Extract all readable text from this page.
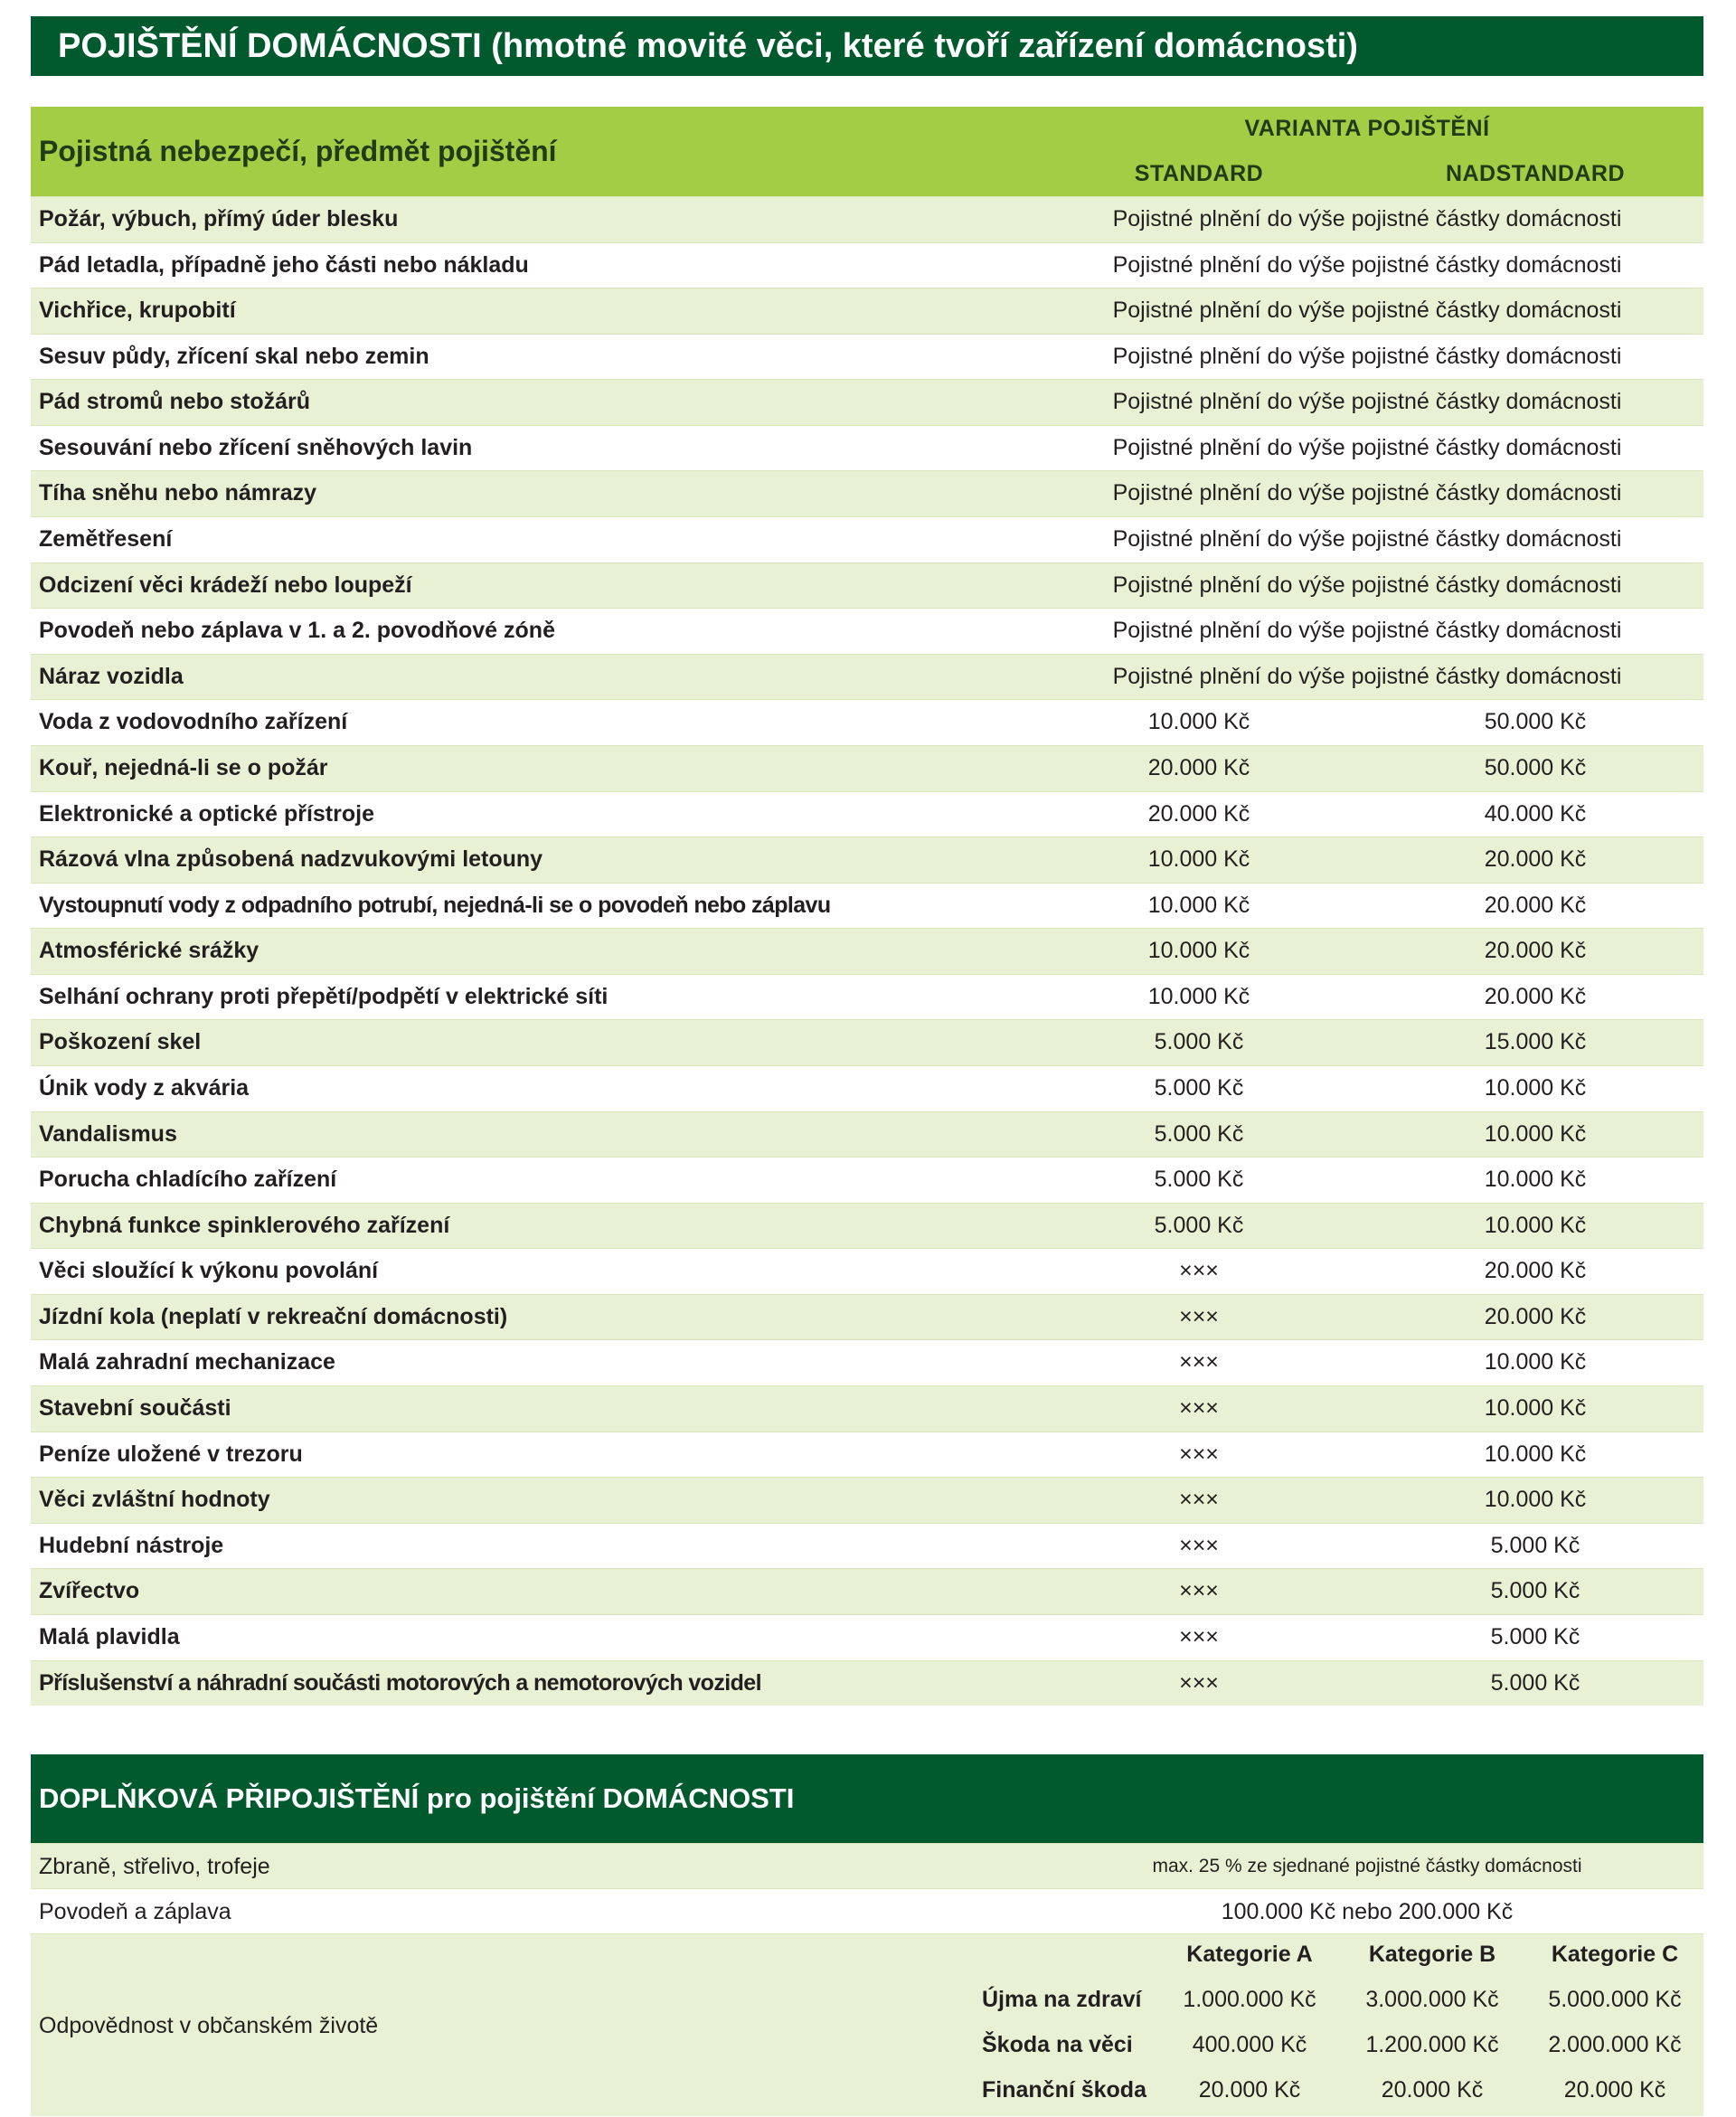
POJIŠTĚNÍ DOMÁCNOSTI (hmotné movité věci, které tvoří zařízení domácnosti)
Pojistná nebezpečí, předmět pojištění
VARIANTA POJIŠTĚNÍ
STANDARD	NADSTANDARD
Požár, výbuch, přímý úder blesku	Pojistné plnění do výše pojistné částky domácnosti
Pád letadla, případně jeho části nebo nákladu	Pojistné plnění do výše pojistné částky domácnosti
Vichřice, krupobití	Pojistné plnění do výše pojistné částky domácnosti
Sesuv půdy, zřícení skal nebo zemin	Pojistné plnění do výše pojistné částky domácnosti
Pád stromů nebo stožárů	Pojistné plnění do výše pojistné částky domácnosti
Sesouvání nebo zřícení sněhových lavin	Pojistné plnění do výše pojistné částky domácnosti
Tíha sněhu nebo námrazy	Pojistné plnění do výše pojistné částky domácnosti
Zemětřesení	Pojistné plnění do výše pojistné částky domácnosti
Odcizení věci krádeží nebo loupeží	Pojistné plnění do výše pojistné částky domácnosti
Povodeň nebo záplava v 1. a 2. povodňové zóně	Pojistné plnění do výše pojistné částky domácnosti
Náraz vozidla	Pojistné plnění do výše pojistné částky domácnosti
Voda z vodovodního zařízení	10.000 Kč	50.000 Kč
Kouř, nejedná-li se o požár	20.000 Kč	50.000 Kč
Elektronické a optické přístroje	20.000 Kč	40.000 Kč
Rázová vlna způsobená nadzvukovými letouny	10.000 Kč	20.000 Kč
Vystoupnutí vody z odpadního potrubí, nejedná-li se o povodeň nebo záplavu	10.000 Kč	20.000 Kč
Atmosférické srážky	10.000 Kč	20.000 Kč
Selhání ochrany proti přepětí/podpětí v elektrické síti	10.000 Kč	20.000 Kč
Poškození skel	5.000 Kč	15.000 Kč
Únik vody z akvária	5.000 Kč	10.000 Kč
Vandalismus	5.000 Kč	10.000 Kč
Porucha chladícího zařízení	5.000 Kč	10.000 Kč
Chybná funkce spinklerového zařízení	5.000 Kč	10.000 Kč
Věci sloužící k výkonu povolání	×××	20.000 Kč
Jízdní kola (neplatí v rekreační domácnosti)	×××	20.000 Kč
Malá zahradní mechanizace	×××	10.000 Kč
Stavební součásti	×××	10.000 Kč
Peníze uložené v trezoru	×××	10.000 Kč
Věci zvláštní hodnoty	×××	10.000 Kč
Hudební nástroje	×××	5.000 Kč
Zvířectvo	×××	5.000 Kč
Malá plavidla	×××	5.000 Kč
Příslušenství a náhradní součásti motorových a nemotorových vozidel	×××	5.000 Kč
DOPLŇKOVÁ PŘIPOJIŠTĚNÍ pro pojištění DOMÁCNOSTI
Zbraně, střelivo, trofeje	max. 25 % ze sjednané pojistné částky domácnosti
Povodeň a záplava	100.000 Kč nebo 200.000 Kč
Odpovědnost v občanském životě
Kategorie A	Kategorie B	Kategorie C
Újma na zdraví	1.000.000 Kč	3.000.000 Kč	5.000.000 Kč
Škoda na věci	400.000 Kč	1.200.000 Kč	2.000.000 Kč
Finanční škoda	20.000 Kč	20.000 Kč	20.000 Kč
